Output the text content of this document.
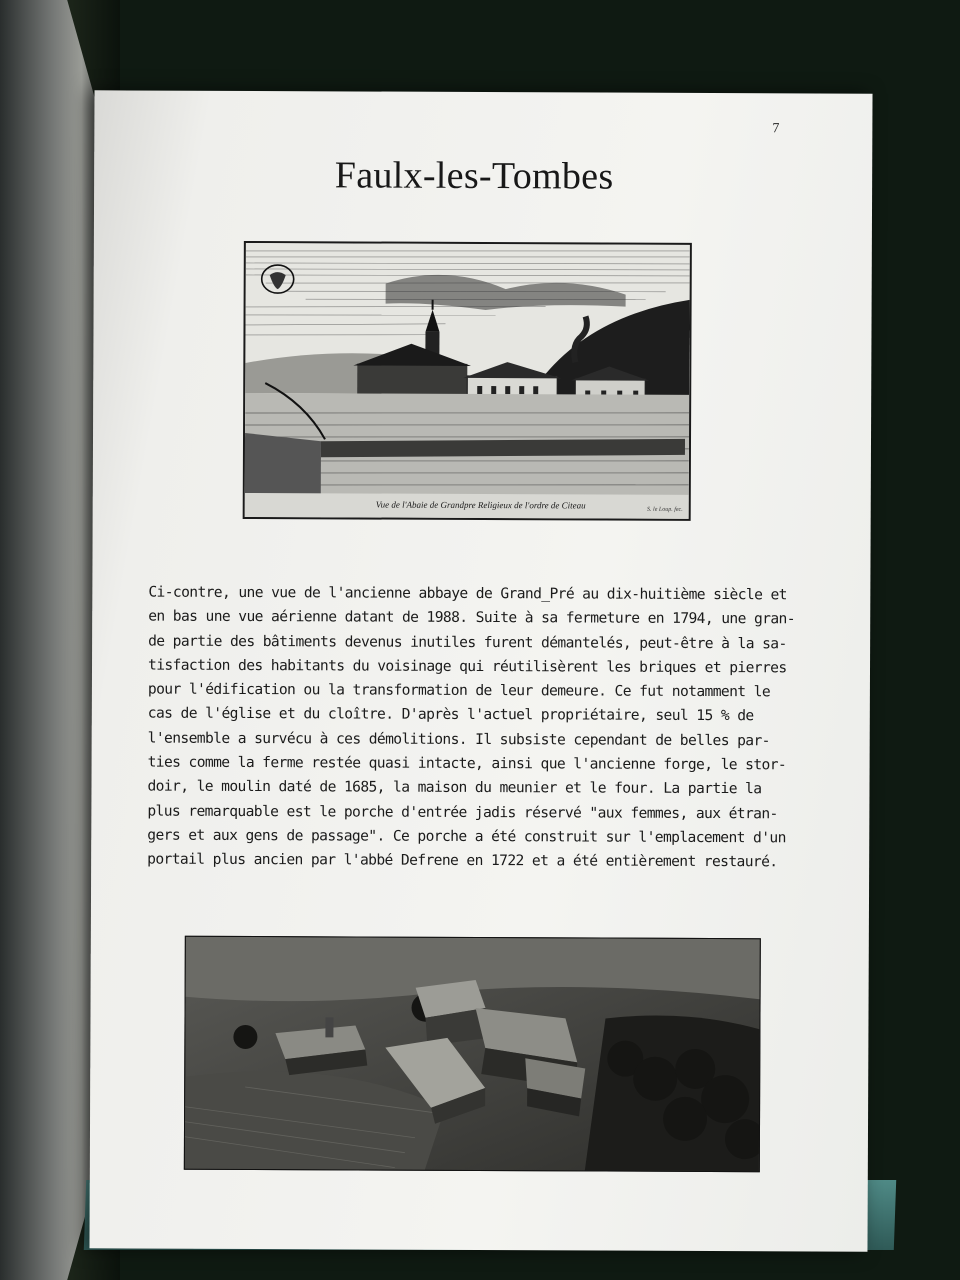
7
Faulx-les-Tombes
Vue de l'Abaie de Grandpre Religieux de l'ordre de Citeau	S. le Loup. fec.
Ci-contre, une vue de l'ancienne abbaye de Grand_Pré au dix-huitième siècle et
en bas une vue aérienne datant de 1988. Suite à sa fermeture en 1794, une gran-
de partie des bâtiments devenus inutiles furent démantelés, peut-être à la sa-
tisfaction des habitants du voisinage qui réutilisèrent les briques et pierres
pour l'édification ou la transformation de leur demeure. Ce fut notamment le
cas de l'église et du cloître. D'après l'actuel propriétaire, seul 15 % de
l'ensemble a survécu à ces démolitions. Il subsiste cependant de belles par-
ties comme la ferme restée quasi intacte, ainsi que l'ancienne forge, le stor-
doir, le moulin daté de 1685, la maison du meunier et le four. La partie la
plus remarquable est le porche d'entrée jadis réservé "aux femmes, aux étran-
gers et aux gens de passage". Ce porche a été construit sur l'emplacement d'un
portail plus ancien par l'abbé Defrene en 1722 et a été entièrement restauré.
